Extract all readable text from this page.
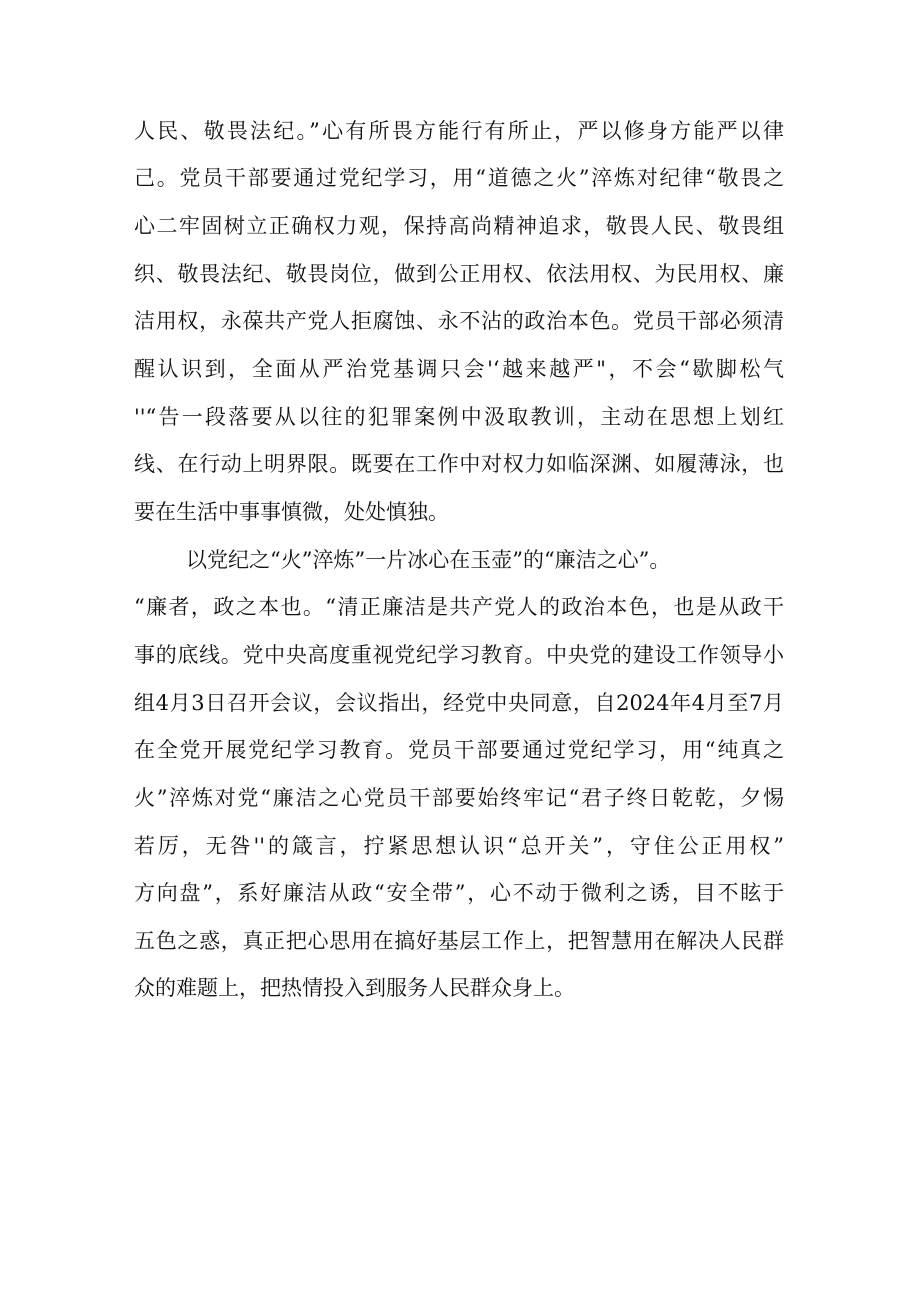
人民、敬畏法纪。”心有所畏方能行有所止，严以修身方能严以律
己。党员干部要通过党纪学习，用“道德之火”淬炼对纪律“敬畏之
心二牢固树立正确权力观，保持高尚精神追求，敬畏人民、敬畏组
织、敬畏法纪、敬畏岗位，做到公正用权、依法用权、为民用权、廉
洁用权，永葆共产党人拒腐蚀、永不沾的政治本色。党员干部必须清
醒认识到，全面从严治党基调只会'‘越来越严"，不会“歇脚松气
''“告一段落要从以往的犯罪案例中汲取教训，主动在思想上划红
线、在行动上明界限。既要在工作中对权力如临深渊、如履薄泳，也
要在生活中事事慎微，处处慎独。
以党纪之“火”淬炼”一片冰心在玉壶”的“廉洁之心”。
“廉者，政之本也。“清正廉洁是共产党人的政治本色，也是从政干
事的底线。党中央高度重视党纪学习教育。中央党的建设工作领导小
组4月3日召开会议，会议指出，经党中央同意，自2024年4月至7月
在全党开展党纪学习教育。党员干部要通过党纪学习，用“纯真之
火”淬炼对党“廉洁之心党员干部要始终牢记“君子终日乾乾，夕惕
若厉，无咎''的箴言，拧紧思想认识“总开关”，守住公正用权”
方向盘”，系好廉洁从政“安全带”，心不动于微利之诱，目不眩于
五色之惑，真正把心思用在搞好基层工作上，把智慧用在解决人民群
众的难题上，把热情投入到服务人民群众身上。
